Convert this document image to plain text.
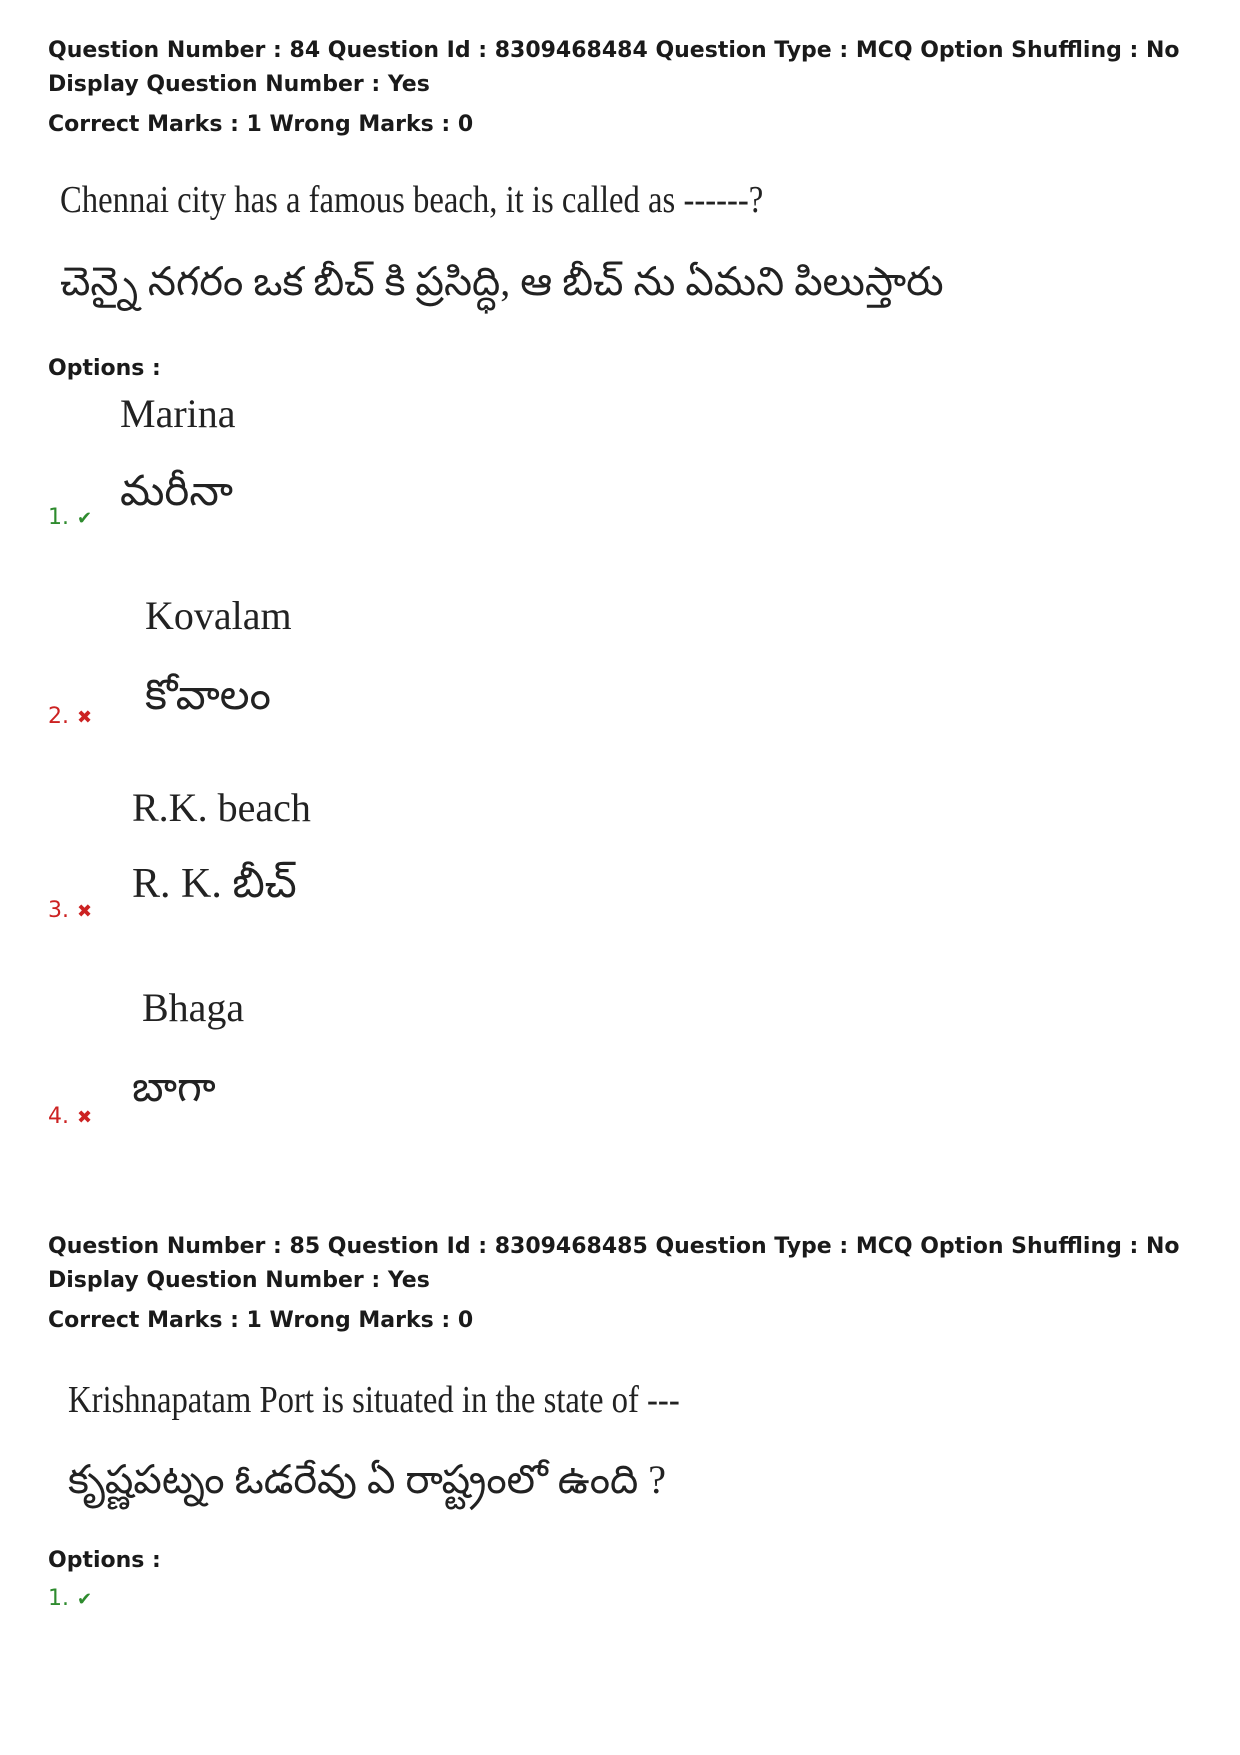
Question Number : 84 Question Id : 8309468484 Question Type : MCQ Option Shuffling : No
Display Question Number : Yes
Correct Marks : 1 Wrong Marks : 0
Chennai city has a famous beach, it is called as ------?
చెన్నై నగరం ఒక బీచ్ కి ప్రసిద్ధి, ఆ బీచ్ ను ఏమని పిలుస్తారు
Options :
Marina
మరీనా
1. ✔
Kovalam
కోవాలం
2. ✖
R.K. beach
R. K. బీచ్
3. ✖
Bhaga
బాగా
4. ✖
Question Number : 85 Question Id : 8309468485 Question Type : MCQ Option Shuffling : No
Display Question Number : Yes
Correct Marks : 1 Wrong Marks : 0
Krishnapatam Port is situated in the state of ---
కృష్ణపట్నం ఓడరేవు ఏ రాష్ట్రంలో ఉంది ?
Options :
1. ✔
